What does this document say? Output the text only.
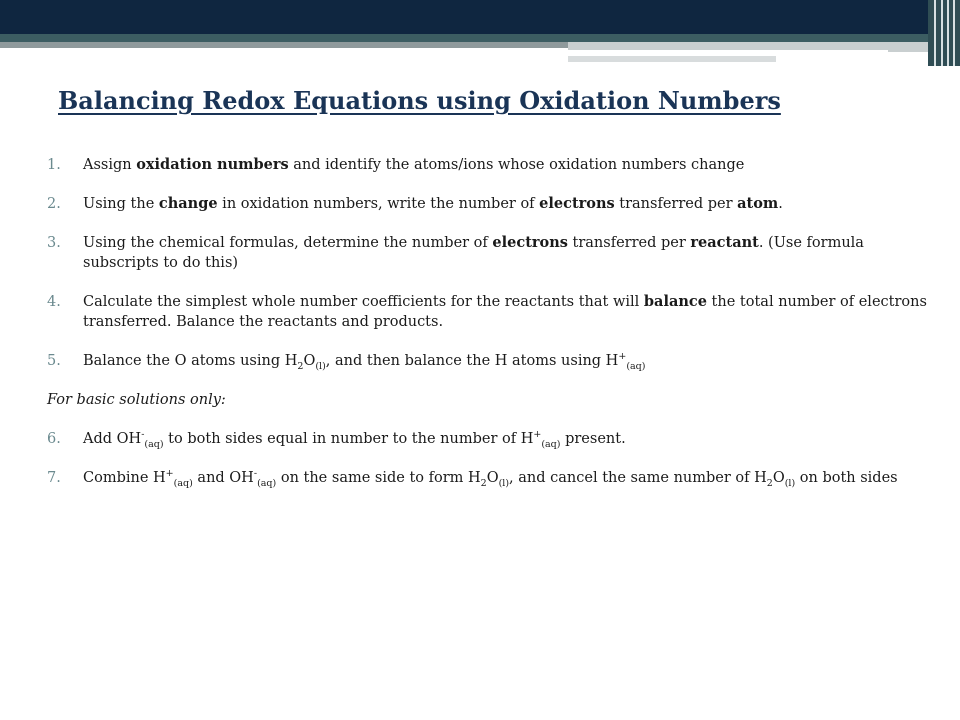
Balancing Redox Equations using Oxidation Numbers
1.	Assign oxidation numbers and identify the atoms/ions whose oxidation numbers change
2.	Using the change in oxidation numbers, write the number of electrons transferred per atom.
3.	Using the chemical formulas, determine the number of electrons transferred per reactant. (Use formula subscripts to do this)
4.	Calculate the simplest whole number coefficients for the reactants that will balance the total number of electrons transferred. Balance the reactants and products.
5.	Balance the O atoms using $H_2O_{(l)}$, and then balance the H atoms using $H^+_{(aq)}$
For basic solutions only:
6.	Add $OH^-_{(aq)}$ to both sides equal in number to the number of $H^+_{(aq)}$ present.
7.	Combine $H^+_{(aq)}$ and $OH^-_{(aq)}$ on the same side to form $H_2O_{(l)}$, and cancel the same number of $H_2O_{(l)}$ on both sides
